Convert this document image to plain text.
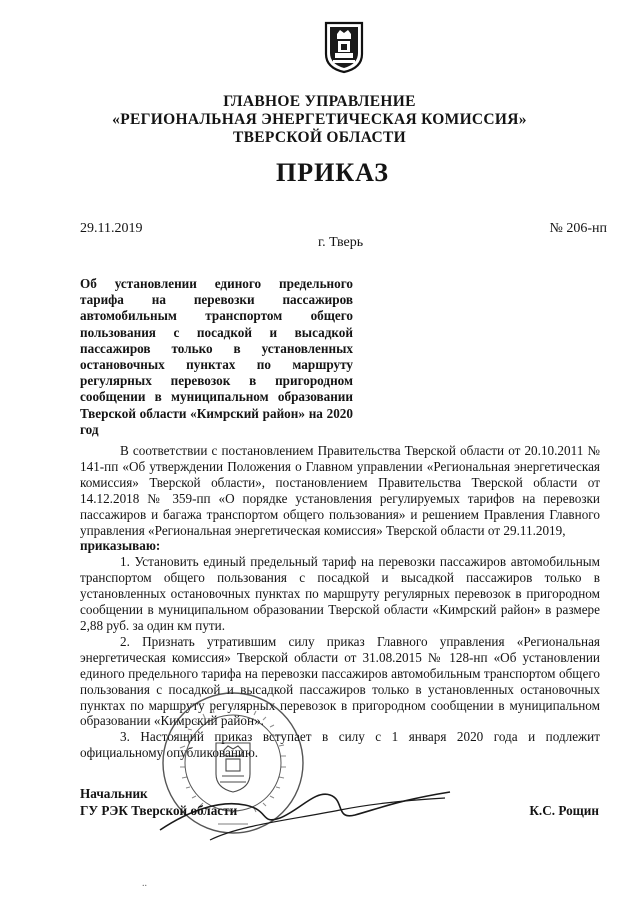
ГЛАВНОЕ УПРАВЛЕНИЕ
«РЕГИОНАЛЬНАЯ ЭНЕРГЕТИЧЕСКАЯ КОМИССИЯ»
ТВЕРСКОЙ ОБЛАСТИ
ПРИКАЗ
29.11.2019	№ 206-нп
г. Тверь
Об установлении единого предельного тарифа на перевозки пассажиров автомобильным транспортом общего пользования с посадкой и высадкой пассажиров только в установленных остановочных пунктах по маршруту регулярных перевозок в пригородном сообщении в муниципальном образовании Тверской области «Кимрский район» на 2020 год

В соответствии с постановлением Правительства Тверской области от 20.10.2011 № 141-пп «Об утверждении Положения о Главном управлении «Региональная энергетическая комиссия» Тверской области», постановлением Правительства Тверской области от 14.12.2018 № 359-пп «О порядке установления регулируемых тарифов на перевозки пассажиров и багажа транспортом общего пользования» и решением Правления Главного управления «Региональная энергетическая комиссия» Тверской области от 29.11.2019,

приказываю:

1. Установить единый предельный тариф на перевозки пассажиров автомобильным транспортом общего пользования с посадкой и высадкой пассажиров только в установленных остановочных пунктах по маршруту регулярных перевозок в пригородном сообщении в муниципальном образовании Тверской области «Кимрский район» в размере 2,88 руб. за один км пути.

2. Признать утратившим силу приказ Главного управления «Региональная энергетическая комиссия» Тверской области от 31.08.2015 № 128-нп «Об установлении единого предельного тарифа на перевозки пассажиров автомобильным транспортом общего пользования с посадкой и высадкой пассажиров только в установленных остановочных пунктах по маршруту регулярных перевозок в пригородном сообщении в муниципальном образовании «Кимрский район».

3. Настоящий приказ вступает в силу с 1 января 2020 года и подлежит официальному опубликованию.

Начальник
ГУ РЭК Тверской области	К.С. Рощин
..
